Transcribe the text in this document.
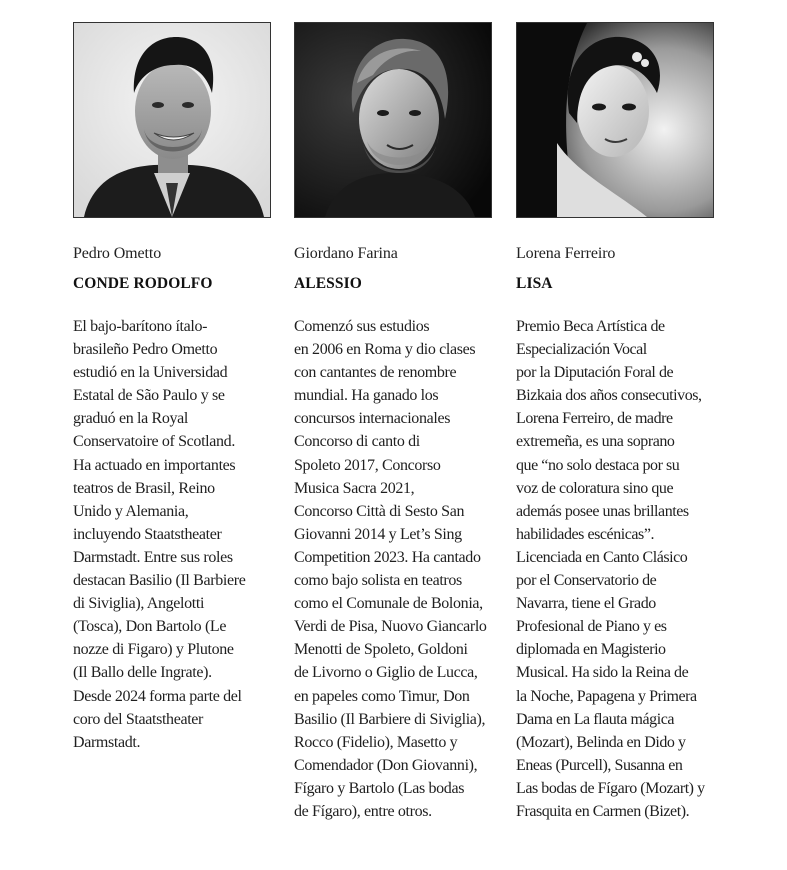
Pedro Ometto
CONDE RODOLFO
El bajo-barítono ítalo-
brasileño Pedro Ometto
estudió en la Universidad
Estatal de São Paulo y se
graduó en la Royal
Conservatoire of Scotland.
Ha actuado en importantes
teatros de Brasil, Reino
Unido y Alemania,
incluyendo Staatstheater
Darmstadt. Entre sus roles
destacan Basilio (Il Barbiere
di Siviglia), Angelotti
(Tosca), Don Bartolo (Le
nozze di Figaro) y Plutone
(Il Ballo delle Ingrate).
Desde 2024 forma parte del
coro del Staatstheater
Darmstadt.
Giordano Farina
ALESSIO
Comenzó sus estudios
en 2006 en Roma y dio clases
con cantantes de renombre
mundial. Ha ganado los
concursos internacionales
Concorso di canto di
Spoleto 2017, Concorso
Musica Sacra 2021,
Concorso Città di Sesto San
Giovanni 2014 y Let’s Sing
Competition 2023. Ha cantado
como bajo solista en teatros
como el Comunale de Bolonia,
Verdi de Pisa, Nuovo Giancarlo
Menotti de Spoleto, Goldoni
de Livorno o Giglio de Lucca,
en papeles como Timur, Don
Basilio (Il Barbiere di Siviglia),
Rocco (Fidelio), Masetto y
Comendador (Don Giovanni),
Fígaro y Bartolo (Las bodas
de Fígaro), entre otros.
Lorena Ferreiro
LISA
Premio Beca Artística de
Especialización Vocal
por la Diputación Foral de
Bizkaia dos años consecutivos,
Lorena Ferreiro, de madre
extremeña, es una soprano
que “no solo destaca por su
voz de coloratura sino que
además posee unas brillantes
habilidades escénicas”.
Licenciada en Canto Clásico
por el Conservatorio de
Navarra, tiene el Grado
Profesional de Piano y es
diplomada en Magisterio
Musical. Ha sido la Reina de
la Noche, Papagena y Primera
Dama en La flauta mágica
(Mozart), Belinda en Dido y
Eneas (Purcell), Susanna en
Las bodas de Fígaro (Mozart) y
Frasquita en Carmen (Bizet).
